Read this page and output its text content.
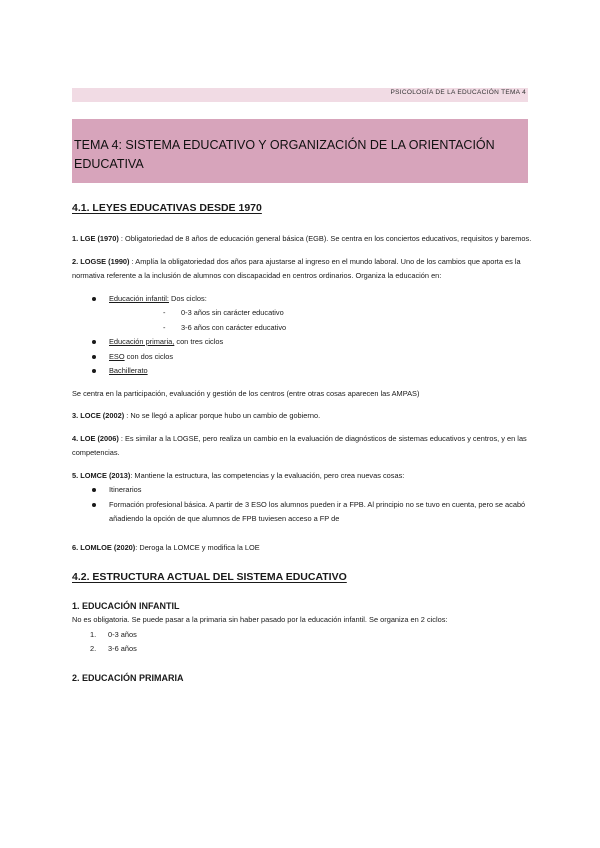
PSICOLOGÍA DE LA EDUCACIÓN TEMA 4
TEMA 4: SISTEMA EDUCATIVO Y ORGANIZACIÓN DE LA ORIENTACIÓN EDUCATIVA
4.1. LEYES EDUCATIVAS DESDE 1970

1. LGE (1970) : Obligatoriedad de 8 años de educación general básica (EGB). Se centra en los conciertos educativos, requisitos y baremos.

2. LOGSE (1990) : Amplía la obligatoriedad dos años para ajustarse al ingreso en el mundo laboral. Uno de los cambios que aporta es la normativa referente a la inclusión de alumnos con discapacidad en centros ordinarios. Organiza la educación en:

Educación infantil: Dos ciclos:
- 0-3 años sin carácter educativo
- 3-6 años con carácter educativo
Educación primaria, con tres ciclos
ESO con dos ciclos
Bachillerato

Se centra en la participación, evaluación y gestión de los centros (entre otras cosas aparecen las AMPAS)

3. LOCE (2002) : No se llegó a aplicar porque hubo un cambio de gobierno.

4. LOE (2006) : Es similar a la LOGSE, pero realiza un cambio en la evaluación de diagnósticos de sistemas educativos y centros, y en las competencias.

5. LOMCE (2013): Mantiene la estructura, las competencias y la evaluación, pero crea nuevas cosas:

Itinerarios
Formación profesional básica. A partir de 3 ESO los alumnos pueden ir a FPB. Al principio no se tuvo en cuenta, pero se acabó añadiendo la opción de que alumnos de FPB tuviesen acceso a FP de

6. LOMLOE (2020): Deroga la LOMCE y modifica la LOE

4.2. ESTRUCTURA ACTUAL DEL SISTEMA EDUCATIVO
1. EDUCACIÓN INFANTIL

No es obligatoria. Se puede pasar a la primaria sin haber pasado por la educación infantil. Se organiza en 2 ciclos:

1. 0-3 años
2. 3-6 años
2. EDUCACIÓN PRIMARIA
